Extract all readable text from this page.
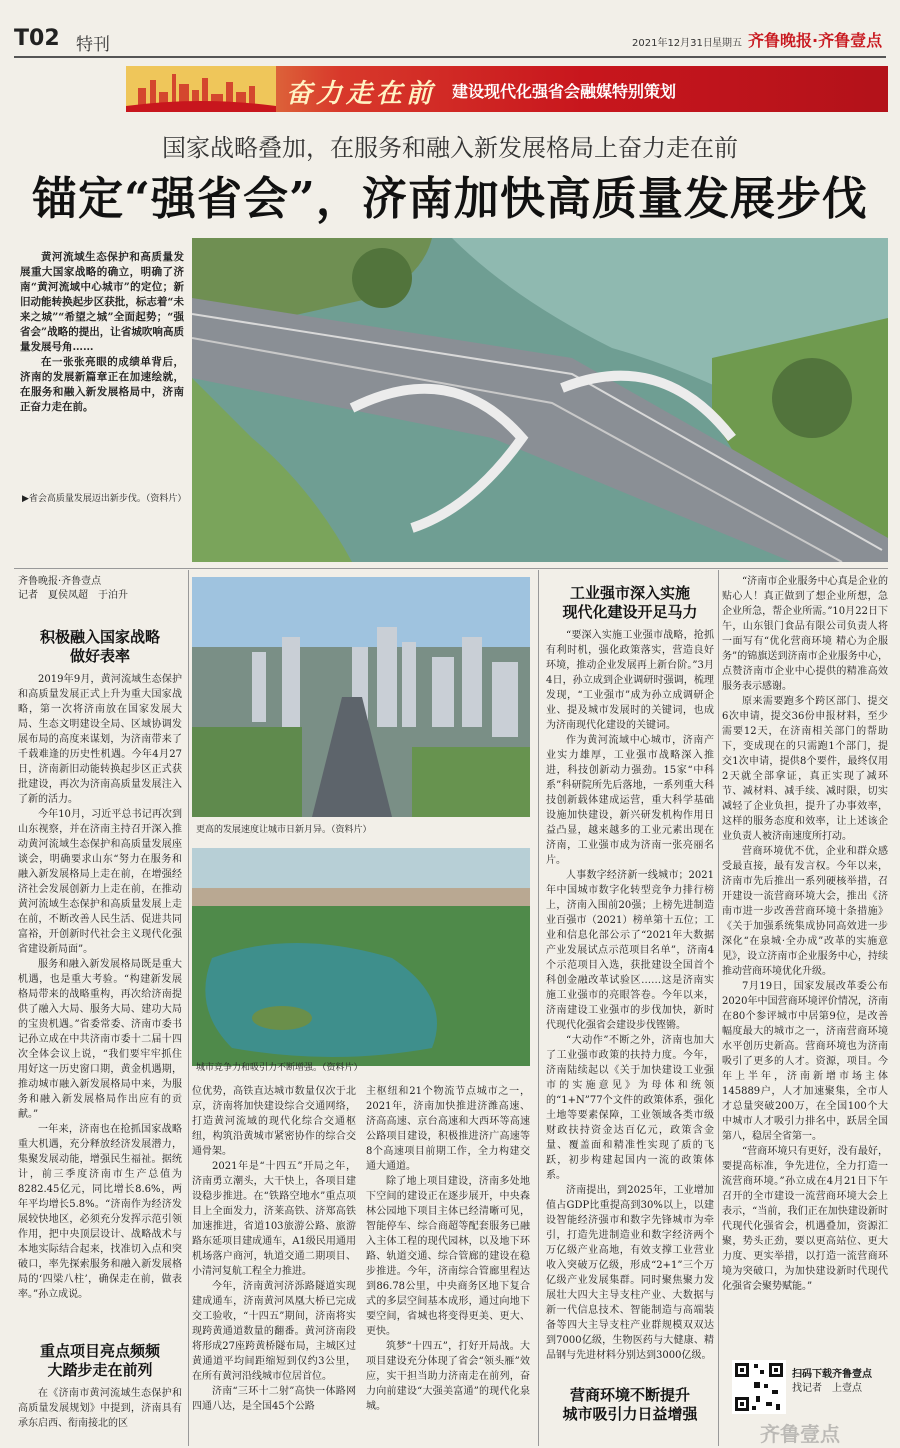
T02 特刊	2021年12月31日 星期五 齐鲁晚报·齐鲁壹点
奋力走在前 建设现代化强省会融媒特别策划
国家战略叠加，在服务和融入新发展格局上奋力走在前
锚定“强省会”，济南加快高质量发展步伐

黄河流域生态保护和高质量发展重大国家战略的确立，明确了济南“黄河流域中心城市”的定位；新旧动能转换起步区获批，标志着“未来之城”“希望之城”全面起势；“强省会”战略的提出，让省城吹响高质量发展号角……

在一张张亮眼的成绩单背后，济南的发展新篇章正在加速绘就，在服务和融入新发展格局中，济南正奋力走在前。

▶省会高质量发展迈出新步伐。（资料片）
齐鲁晚报·齐鲁壹点
记者　夏侯凤超　于泊升
积极融入国家战略
做好表率

2019年9月，黄河流域生态保护和高质量发展正式上升为重大国家战略，第一次将济南放在国家发展大局、生态文明建设全局、区域协调发展布局的高度来谋划，为济南带来了千载难逢的历史性机遇。今年4月27日，济南新旧动能转换起步区正式获批建设，再次为济南高质量发展注入了新的活力。

今年10月，习近平总书记再次到山东视察，并在济南主持召开深入推动黄河流域生态保护和高质量发展座谈会，明确要求山东“努力在服务和融入新发展格局上走在前，在增强经济社会发展创新力上走在前，在推动黄河流域生态保护和高质量发展上走在前，不断改善人民生活、促进共同富裕，开创新时代社会主义现代化强省建设新局面”。

服务和融入新发展格局既是重大机遇，也是重大考验。“构建新发展格局带来的战略重构，再次给济南提供了融入大局、服务大局、建功大局的宝贵机遇。”省委常委、济南市委书记孙立成在中共济南市委十二届十四次全体会议上说，“我们要牢牢抓住用好这一历史窗口期，黄金机遇期，推动城市融入新发展格局中来，为服务和融入新发展格局作出应有的贡献。”

一年来，济南也在抢抓国家战略重大机遇，充分释放经济发展潜力，集聚发展动能，增强民生福祉。据统计，前三季度济南市生产总值为8282.45亿元，同比增长8.6%，两年平均增长5.8%。“济南作为经济发展较快地区，必须充分发挥示范引领作用，把中央顶层设计、战略战术与本地实际结合起来，找准切入点和突破口，率先探索服务和融入新发展格局的‘四梁八柱’，确保走在前，做表率。”孙立成说。

重点项目亮点频频
大踏步走在前列

在《济南市黄河流域生态保护和高质量发展规划》中提到，济南具有承东启西、衔南接北的区

更高的发展速度让城市日新月异。（资料片）
城市竞争力和吸引力不断增强。（资料片）

位优势，高铁直达城市数量仅次于北京，济南将加快建设综合交通网络，打造黄河流域的现代化综合交通枢纽，构筑沿黄城市紧密协作的综合交通骨架。

2021年是“十四五”开局之年，济南勇立潮头，大干快上，各项目建设稳步推进。在“铁路空地水”重点项目上全面发力，济莱高铁、济郑高铁加速推进，省道103旅游公路、旅游路东延项目建成通车，A1级民用通用机场落户商河，轨道交通二期项目、小清河复航工程全力推进。

今年，济南黄河济泺路隧道实现建成通车，济南黄河凤凰大桥已完成交工验收，“十四五”期间，济南将实现跨黄通道数量的翻番。黄河济南段将形成27座跨黄桥隧布局，主城区过黄通道平均间距缩短到仅约3公里，在所有黄河沿线城市位居首位。

济南“三环十二射”高快一体路网四通八达，是全国45个公路

主枢纽和21个物流节点城市之一，2021年，济南加快推进济潍高速、济高高速、京台高速和大西环等高速公路项目建设，积极推进济广高速等8个高速项目前期工作，全力构建交通大通道。

除了地上项目建设，济南多处地下空间的建设正在逐步展开，中央森林公园地下项目主体已经清晰可见，智能停车、综合商超等配套服务已融入主体工程的现代园林，以及地下环路、轨道交通、综合管廊的建设在稳步推进。今年，济南综合管廊里程达到86.78公里，中央商务区地下复合式的多层空间基本成形，通过向地下要空间，省城也将变得更美、更大、更快。

筑梦“十四五”，打好开局战。大项目建设充分体现了省会“领头雁”效应，实干担当助力济南走在前列，奋力向前建设“大强美富通”的现代化泉城。

工业强市深入实施
现代化建设开足马力

“要深入实施工业强市战略，抢抓有利时机，强化政策落实，营造良好环境，推动企业发展再上新台阶。”3月4日，孙立成到企业调研时强调，梳理发现，“工业强市”成为孙立成调研企业、提及城市发展时的关键词，也成为济南现代化建设的关键词。

作为黄河流域中心城市，济南产业实力雄厚，工业强市战略深入推进，科技创新动力强劲。15家“中科系”科研院所先后落地，一系列重大科技创新载体建成运营，重大科学基础设施加快建设，新兴研发机构作用日益凸显，越来越多的工业元素出现在济南，工业强市成为济南一张亮丽名片。

人事数字经济新一线城市；2021年中国城市数字化转型竞争力排行榜上，济南入围前20强；上榜先进制造业百强市（2021）榜单第十五位；工业和信息化部公示了“2021年大数据产业发展试点示范项目名单”，济南4个示范项目入选，获批建设全国首个科创金融改革试验区……这是济南实施工业强市的亮眼答卷。今年以来，济南建设工业强市的步伐加快，新时代现代化强省会建设步伐铿锵。

“大动作”不断之外，济南也加大了工业强市政策的扶持力度。今年，济南陆续起以《关于加快建设工业强市的实施意见》为母体和统领的“1+N”77个文件的政策体系，强化土地等要素保障，工业领域各类市级财政扶持资金达百亿元，政策含金量、覆盖面和精准性实现了质的飞跃，初步构建起国内一流的政策体系。

济南提出，到2025年，工业增加值占GDP比重提高到30%以上，以建设智能经济强市和数字先锋城市为牵引，打造先进制造业和数字经济两个万亿级产业高地，有效支撑工业营业收入突破万亿级，形成“2+1”三个万亿级产业发展集群。同时聚焦聚力发展壮大四大主导支柱产业、大数据与新一代信息技术、智能制造与高端装备等四大主导支柱产业群规模双双达到7000亿级，生物医药与大健康、精品钢与先进材料分别达到3000亿级。

“济南市企业服务中心真是企业的贴心人！真正做到了想企业所想，急企业所急，帮企业所需。”10月22日下午，山东银门食品有限公司负责人将一面写有“优化营商环境 精心为企服务”的锦旗送到济南市企业服务中心，点赞济南市企业中心提供的精准高效服务表示感谢。

原来需要跑多个跨区部门、提交6次申请，提交36份申报材料，至少需要12天，在济南相关部门的帮助下，变成现在的只需跑1个部门，提交1次申请，提供8个要件，最终仅用2天就全部拿证，真正实现了减环节、减材料、减手续、减时限，切实减轻了企业负担，提升了办事效率，这样的服务态度和效率，让上述该企业负责人被济南速度所打动。

营商环境优不优，企业和群众感受最直接，最有发言权。今年以来，济南市先后推出一系列硬核举措，召开建设一流营商环境大会，推出《济南市进一步改善营商环境十条措施》《关于加强系统集成协同高效进一步深化“在泉城·全办成”改革的实施意见》，设立济南市企业服务中心，持续推动营商环境优化升级。

7月19日，国家发展改革委公布2020年中国营商环境评价情况，济南在80个参评城市中居第9位，是改善幅度最大的城市之一，济南营商环境水平创历史新高。营商环境也为济南吸引了更多的人才。资源，项目。今年上半年，济南新增市场主体145889户，人才加速聚集，全市人才总量突破200万，在全国100个大中城市人才吸引力排名中，跃居全国第八，稳居全省第一。

“营商环境只有更好，没有最好，要提高标准，争先进位，全力打造一流营商环境。”孙立成在4月21日下午召开的全市建设一流营商环境大会上表示，“当前，我们正在加快建设新时代现代化强省会，机遇叠加，资源汇聚，势头正劲，要以更高站位、更大力度、更实举措，以打造一流营商环境为突破口，为加快建设新时代现代化强省会聚势赋能。”

营商环境不断提升
城市吸引力日益增强
扫码下载齐鲁壹点
找记者　上壹点
齐鲁壹点
